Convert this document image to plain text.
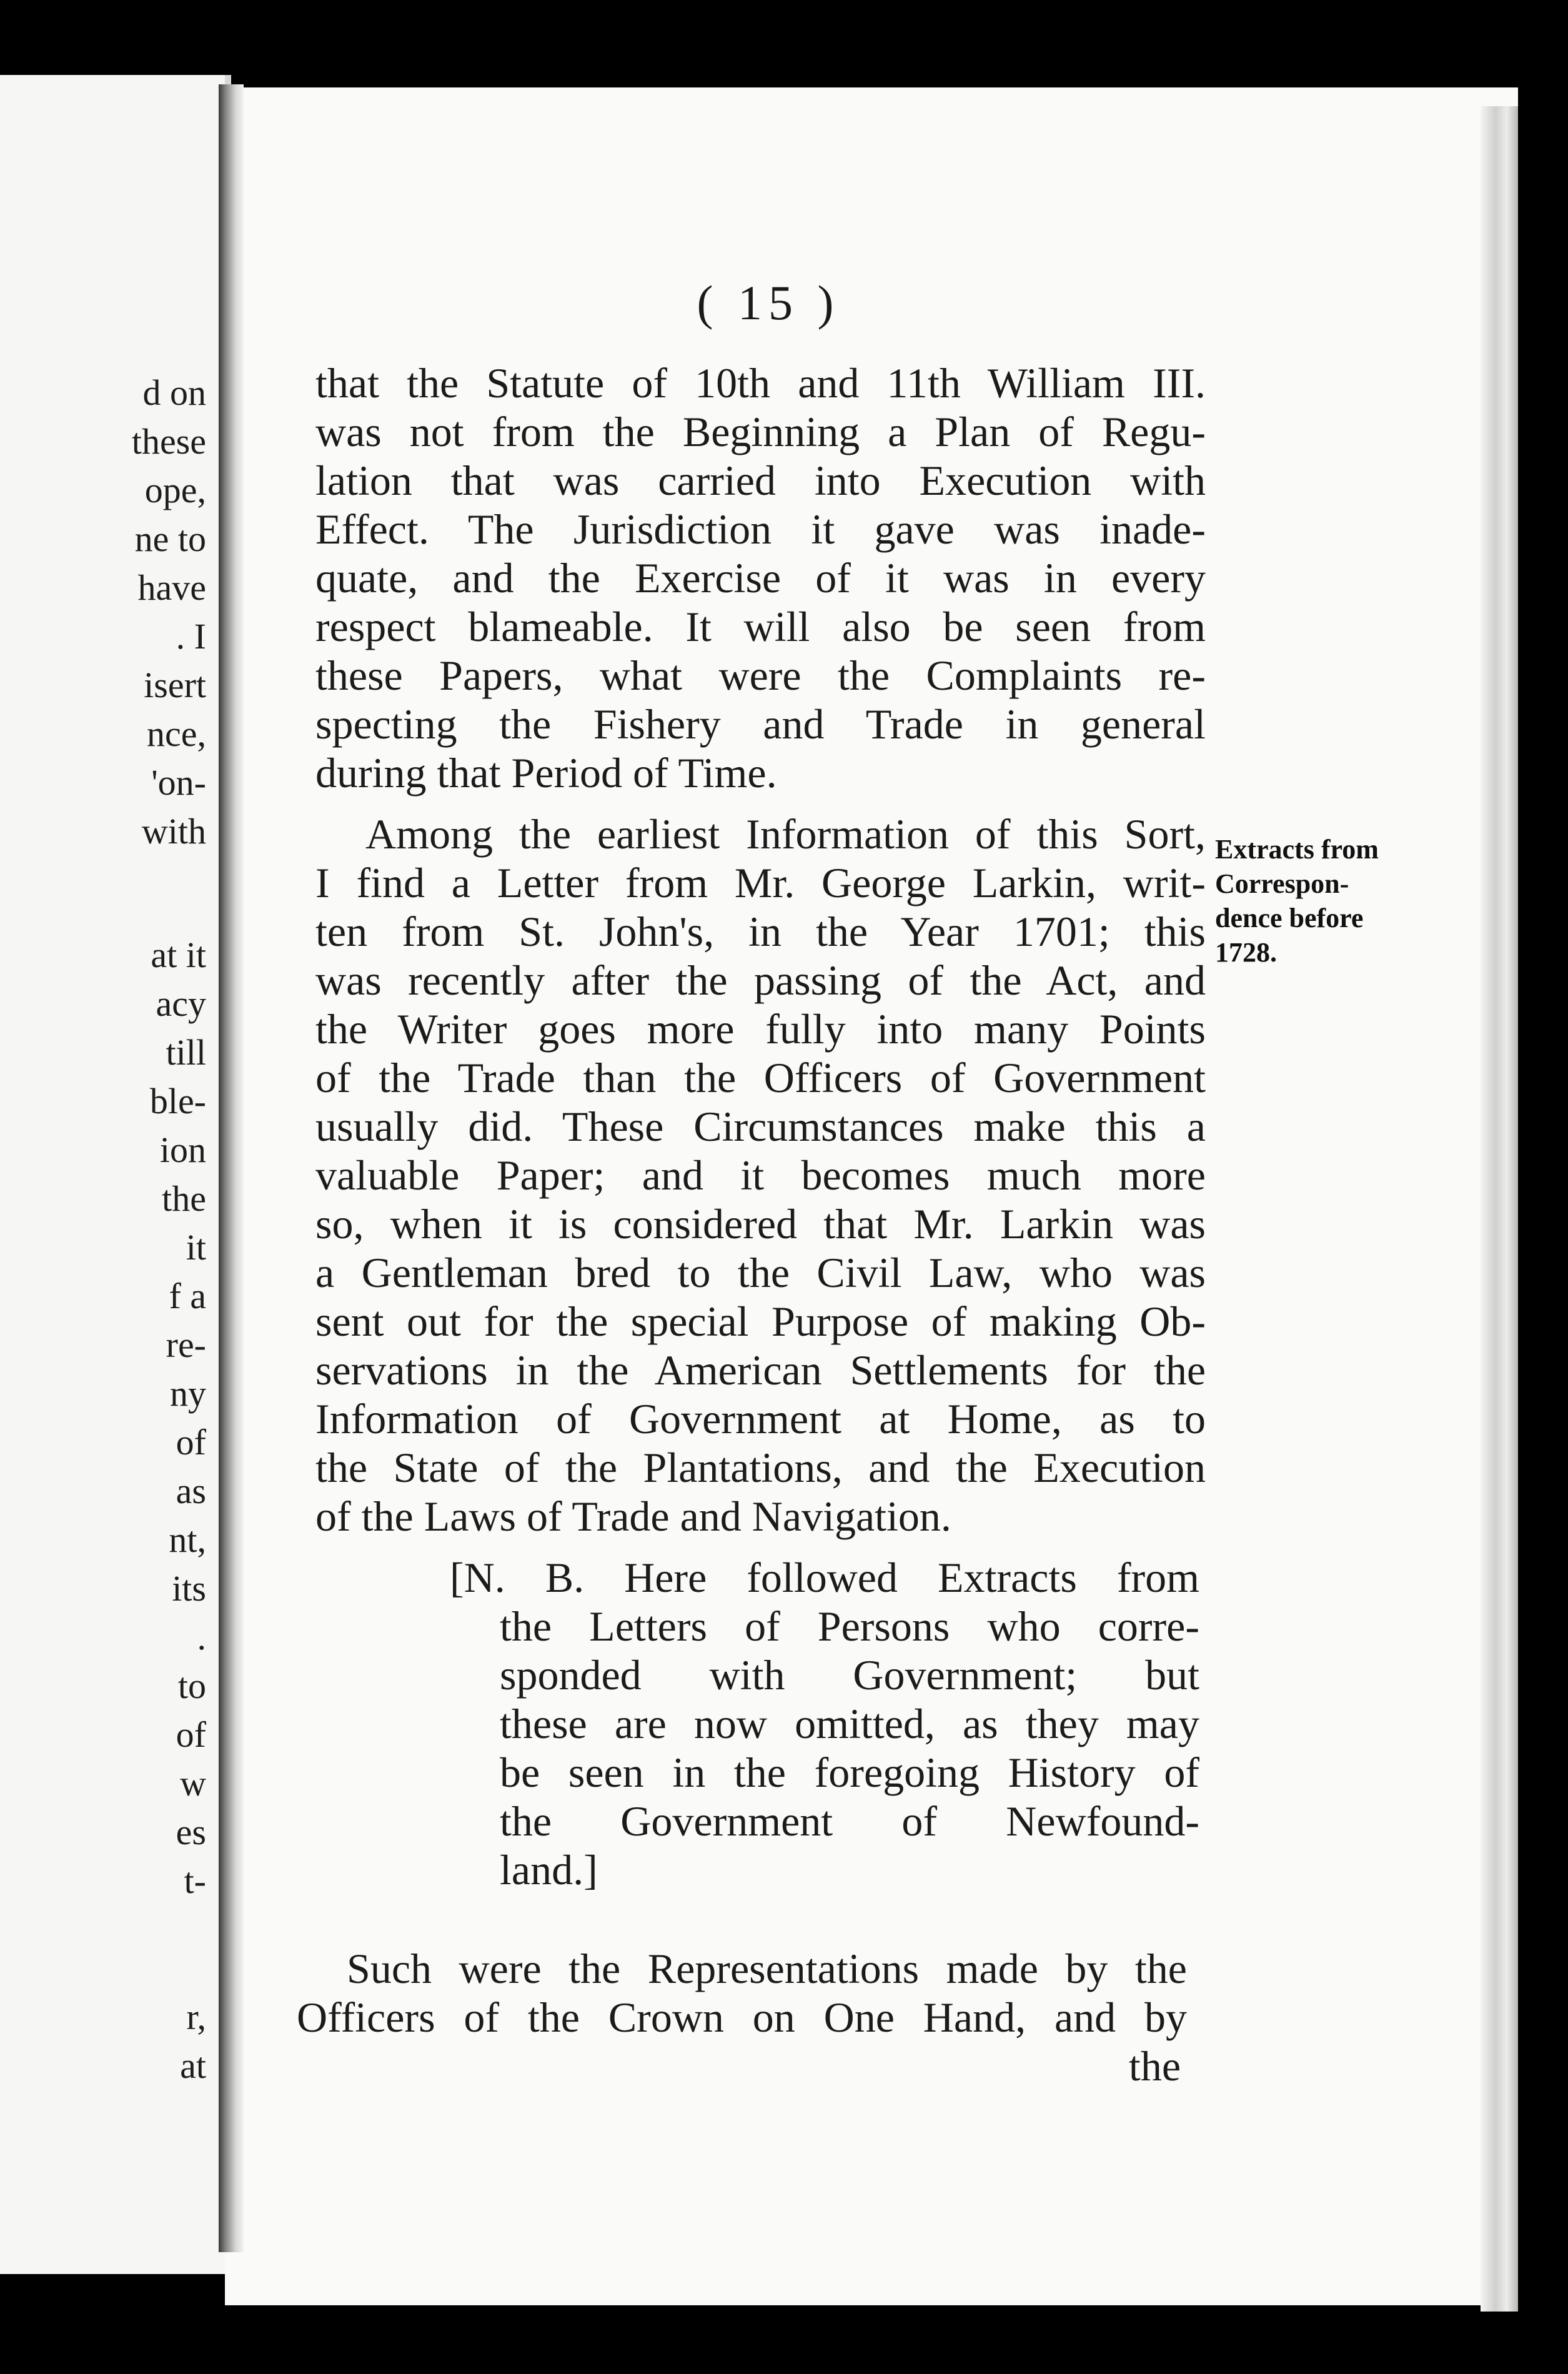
d on
these
ope,
ne to
have
. I
isert
nce,
'on-
with
at it
acy
till
ble-
ion
the
it
f a
re-
ny
of
as
nt,
its
.
to
of
w
es
t-
r,
at
( 15 )

that the Statute of 10th and 11th William III.

was not from the Beginning a Plan of Regu-

lation that was carried into Execution with

Effect. The Jurisdiction it gave was inade-

quate, and the Exercise of it was in every

respect blameable. It will also be seen from

these Papers, what were the Complaints re-

specting the Fishery and Trade in general

during that Period of Time.

Among the earliest Information of this Sort,

I find a Letter from Mr. George Larkin, writ-

ten from St. John's, in the Year 1701; this

was recently after the passing of the Act, and

the Writer goes more fully into many Points

of the Trade than the Officers of Government

usually did. These Circumstances make this a

valuable Paper; and it becomes much more

so, when it is considered that Mr. Larkin was

a Gentleman bred to the Civil Law, who was

sent out for the special Purpose of making Ob-

servations in the American Settlements for the

Information of Government at Home, as to

the State of the Plantations, and the Execution

of the Laws of Trade and Navigation.

Extracts from

Correspon-

dence before

1728.

[N. B. Here followed Extracts from

the Letters of Persons who corre-

sponded with Government; but

these are now omitted, as they may

be seen in the foregoing History of

the Government of Newfound-

land.]

Such were the Representations made by the

Officers of the Crown on One Hand, and by

the
